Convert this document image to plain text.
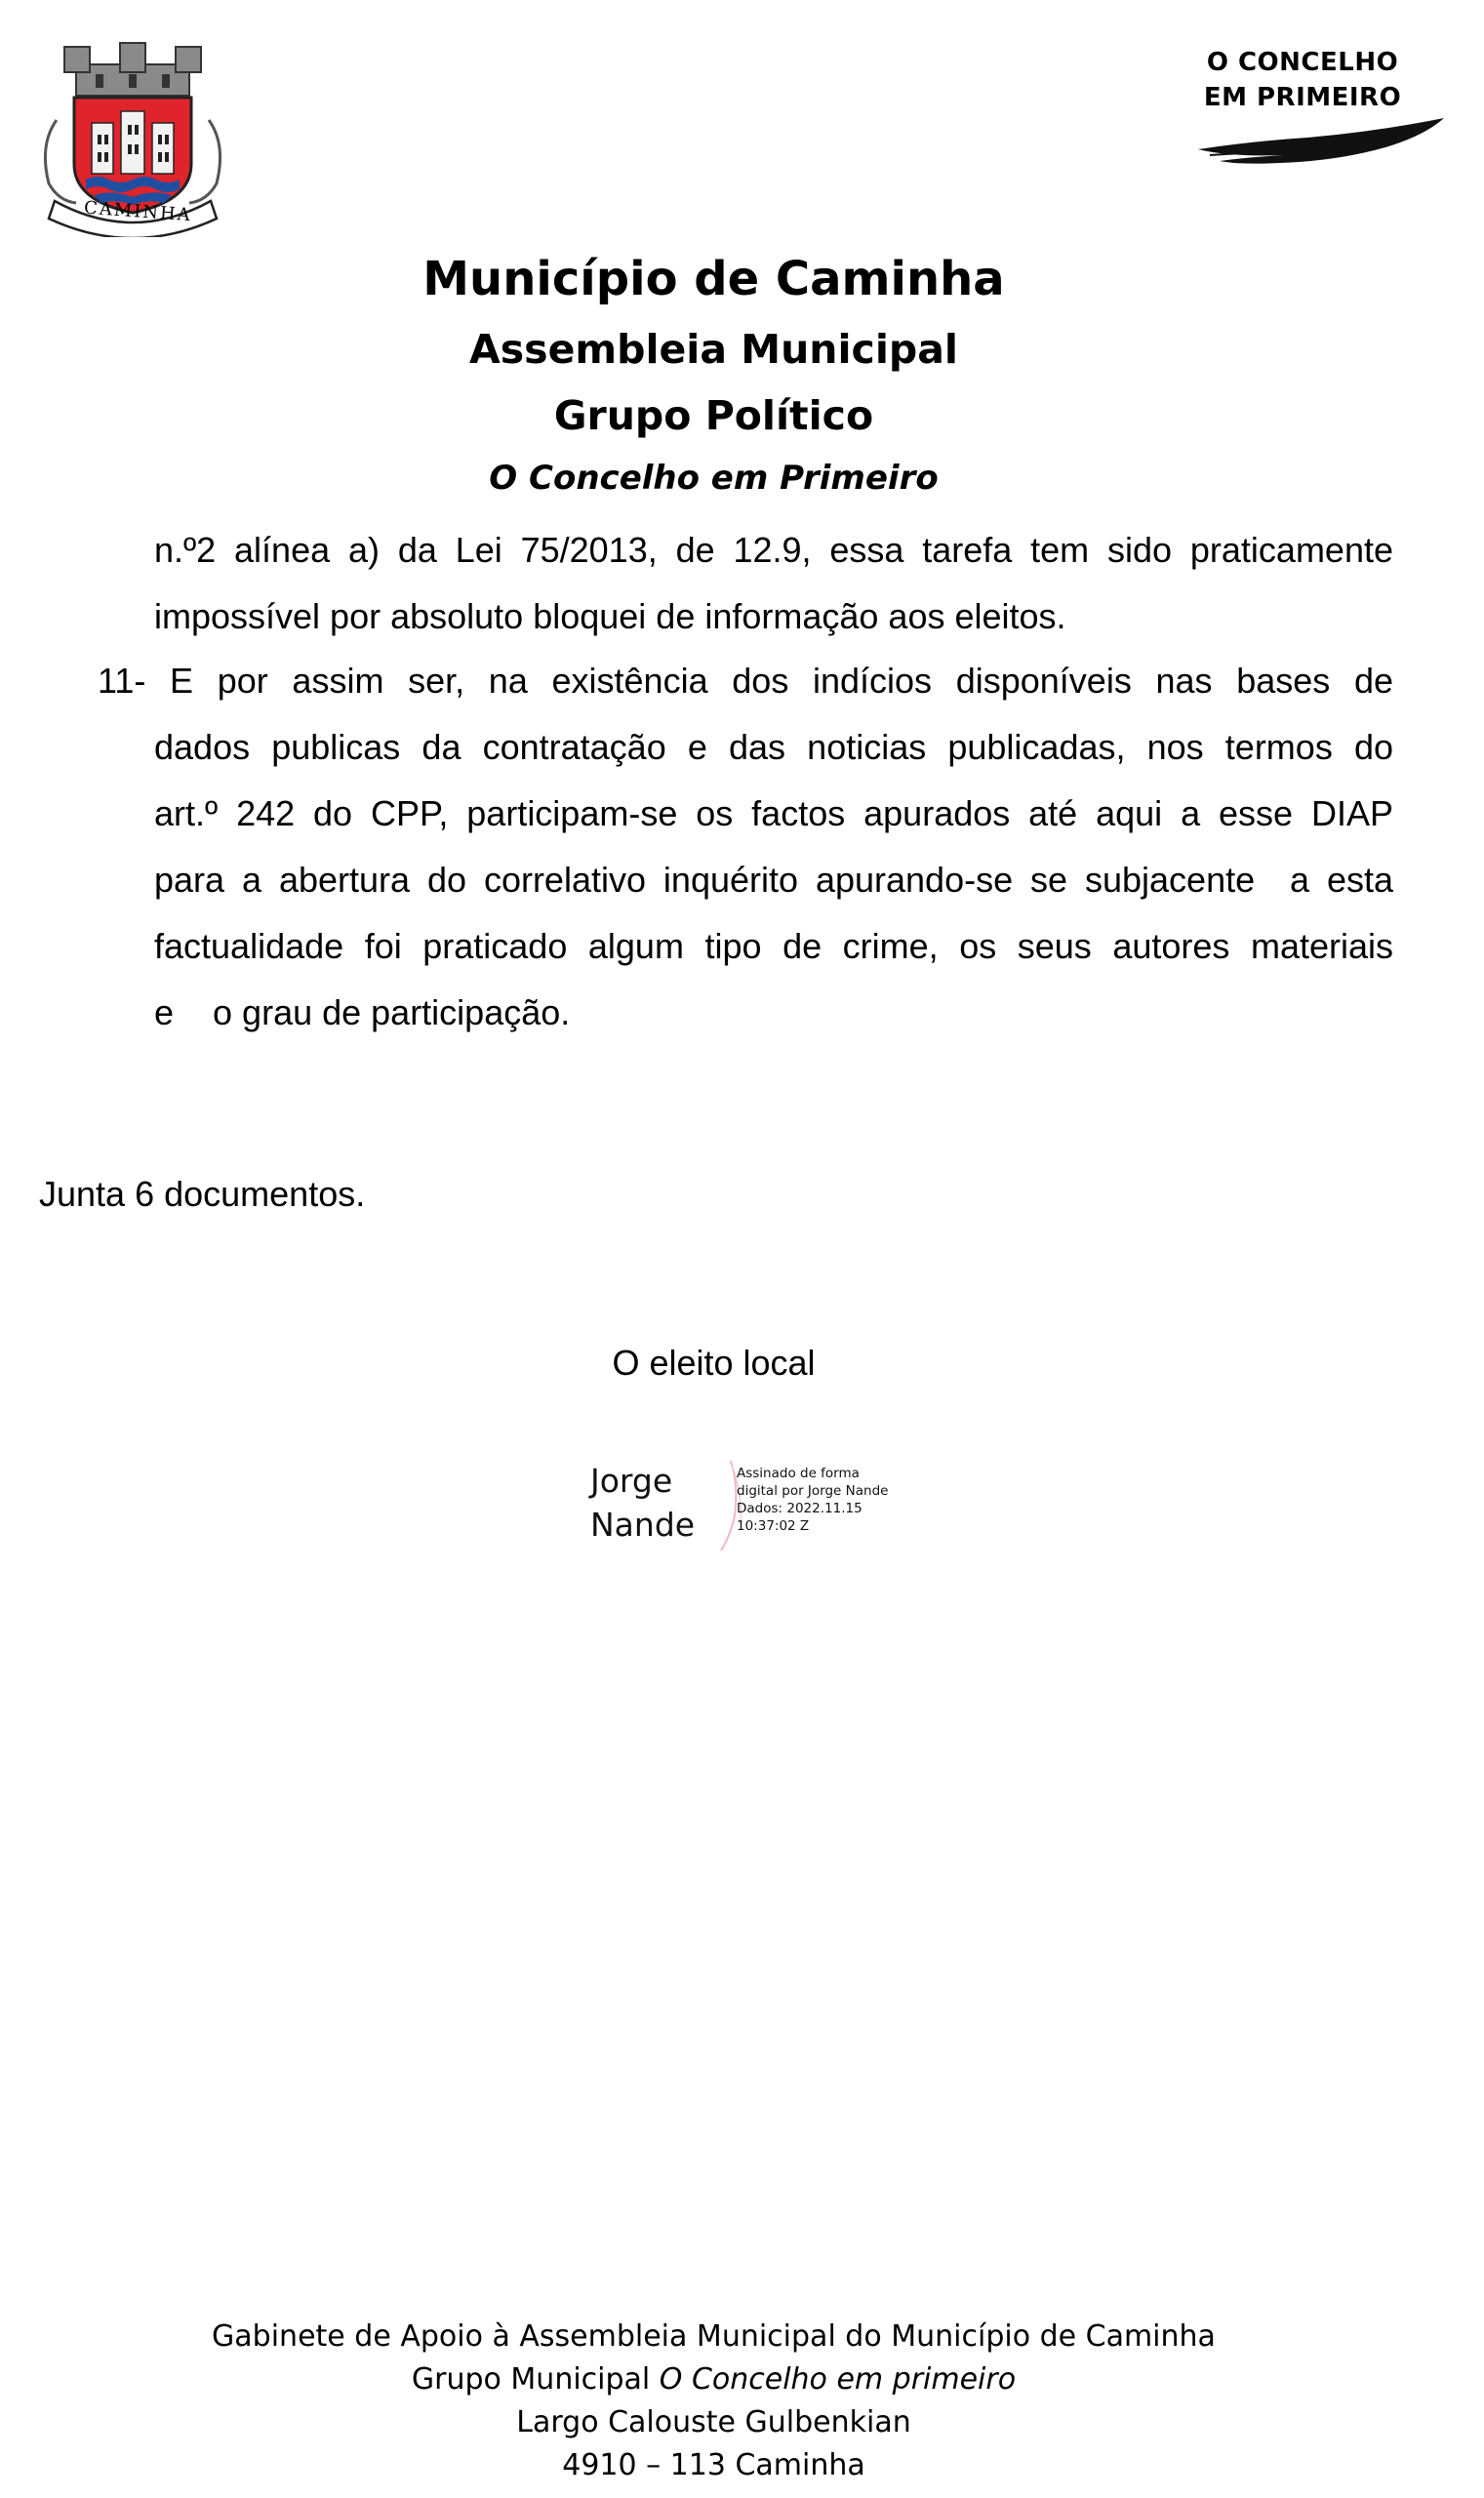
CAMINHA
O CONCELHO
EM PRIMEIRO
Município de Caminha
Assembleia Municipal
Grupo Político
O Concelho em Primeiro
n.º2 alínea a) da Lei 75/2013, de 12.9, essa tarefa tem sido praticamente
impossível por absoluto bloquei de informação aos eleitos.
11- E por assim ser, na existência dos indícios disponíveis nas bases de
dados publicas da contratação e das noticias publicadas, nos termos do
art.º 242 do CPP, participam-se os factos apurados até aqui a esse DIAP
para a abertura do correlativo inquérito apurando-se se subjacente  a esta
factualidade foi praticado algum tipo de crime, os seus autores materiais
e    o grau de participação.
Junta 6 documentos.
O eleito local
Jorge
Nande
Assinado de forma
digital por Jorge Nande
Dados: 2022.11.15
10:37:02 Z
Gabinete de Apoio à Assembleia Municipal do Município de Caminha
Grupo Municipal O Concelho em primeiro
Largo Calouste Gulbenkian
4910 – 113 Caminha
